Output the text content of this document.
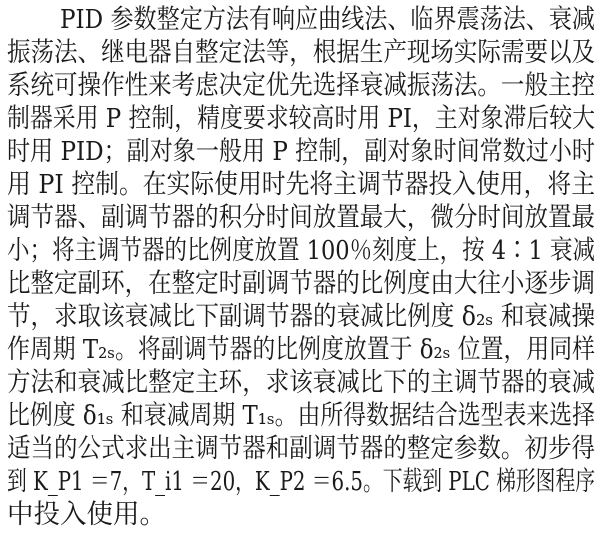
PID 参数整定方法有响应曲线法、临界震荡法、衰减
振荡法、继电器自整定法等，根据生产现场实际需要以及
系统可操作性来考虑决定优先选择衰减振荡法。一般主控
制器采用 P 控制，精度要求较高时用 PI，主对象滞后较大
时用 PID；副对象一般用 P 控制，副对象时间常数过小时
用 PI 控制。在实际使用时先将主调节器投入使用，将主
调节器、副调节器的积分时间放置最大，微分时间放置最
小；将主调节器的比例度放置 100％刻度上，按 4∶1 衰减
比整定副环，在整定时副调节器的比例度由大往小逐步调
节，求取该衰减比下副调节器的衰减比例度 δ₂ₛ 和衰减操
作周期 T₂ₛ。将副调节器的比例度放置于 δ₂ₛ 位置，用同样
方法和衰减比整定主环，求该衰减比下的主调节器的衰减
比例度 δ₁ₛ 和衰减周期 T₁ₛ。由所得数据结合选型表来选择
适当的公式求出主调节器和副调节器的整定参数。初步得
到 K_P1 ＝7，T_i1 ＝20，K_P2 ＝6.5。下载到 PLC 梯形图程序
中投入使用。
